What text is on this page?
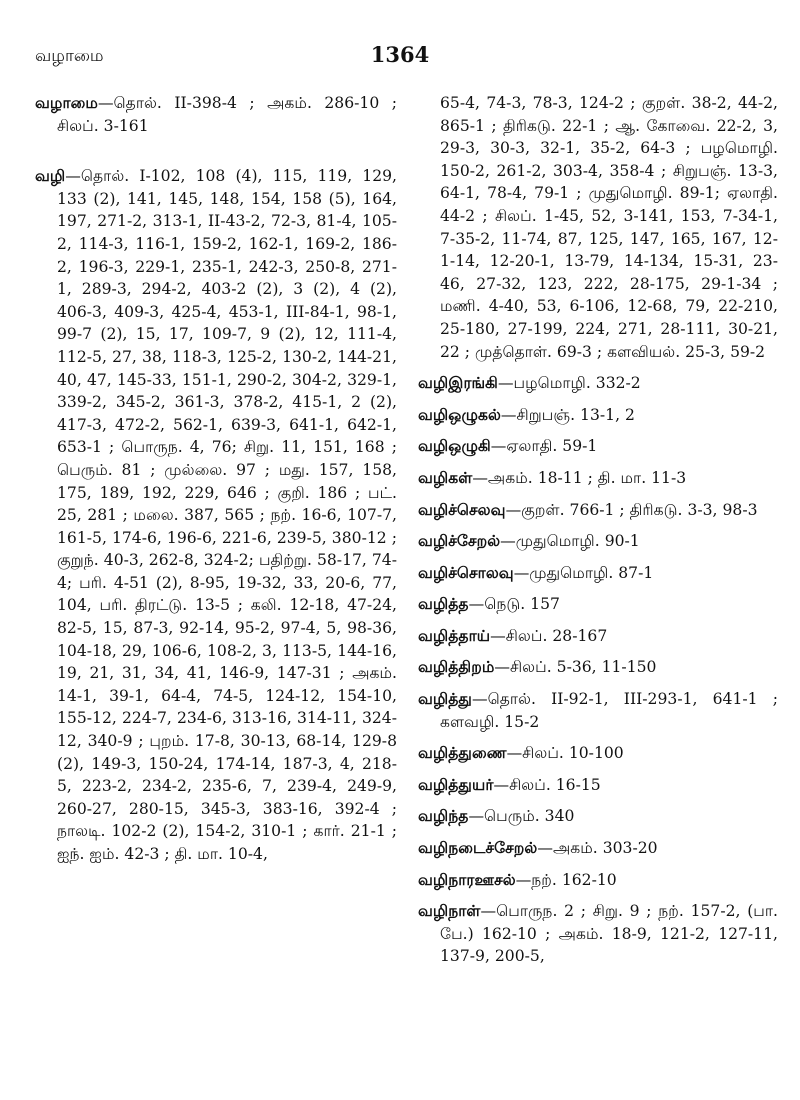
வழாமை	1364

வழாமை—தொல். II-398-4 ; அகம். 286-10 ; சிலப். 3-161

வழி—தொல். I-102, 108 (4), 115, 119, 129, 133 (2), 141, 145, 148, 154, 158 (5), 164, 197, 271-2, 313-1, II-43-2, 72-3, 81-4, 105-2, 114-3, 116-1, 159-2, 162-1, 169-2, 186-2, 196-3, 229-1, 235-1, 242-3, 250-8, 271-1, 289-3, 294-2, 403-2 (2), 3 (2), 4 (2), 406-3, 409-3, 425-4, 453-1, III-84-1, 98-1, 99-7 (2), 15, 17, 109-7, 9 (2), 12, 111-4, 112-5, 27, 38, 118-3, 125-2, 130-2, 144-21, 40, 47, 145-33, 151-1, 290-2, 304-2, 329-1, 339-2, 345-2, 361-3, 378-2, 415-1, 2 (2), 417-3, 472-2, 562-1, 639-3, 641-1, 642-1, 653-1 ; பொருந. 4, 76; சிறு. 11, 151, 168 ; பெரும். 81 ; முல்லை. 97 ; மது. 157, 158, 175, 189, 192, 229, 646 ; குறி. 186 ; பட். 25, 281 ; மலை. 387, 565 ; நற். 16-6, 107-7, 161-5, 174-6, 196-6, 221-6, 239-5, 380-12 ; குறுந். 40-3, 262-8, 324-2; பதிற்று. 58-17, 74-4; பரி. 4-51 (2), 8-95, 19-32, 33, 20-6, 77, 104, பரி. திரட்டு. 13-5 ; கலி. 12-18, 47-24, 82-5, 15, 87-3, 92-14, 95-2, 97-4, 5, 98-36, 104-18, 29, 106-6, 108-2, 3, 113-5, 144-16, 19, 21, 31, 34, 41, 146-9, 147-31 ; அகம். 14-1, 39-1, 64-4, 74-5, 124-12, 154-10, 155-12, 224-7, 234-6, 313-16, 314-11, 324-12, 340-9 ; புறம். 17-8, 30-13, 68-14, 129-8 (2), 149-3, 150-24, 174-14, 187-3, 4, 218-5, 223-2, 234-2, 235-6, 7, 239-4, 249-9, 260-27, 280-15, 345-3, 383-16, 392-4 ; நாலடி. 102-2 (2), 154-2, 310-1 ; கார். 21-1 ; ஐந். ஐம். 42-3 ; தி. மா. 10-4,

65-4, 74-3, 78-3, 124-2 ; குறள். 38-2, 44-2, 865-1 ; திரிகடு. 22-1 ; ஆ. கோவை. 22-2, 3, 29-3, 30-3, 32-1, 35-2, 64-3 ; பழமொழி. 150-2, 261-2, 303-4, 358-4 ; சிறுபஞ். 13-3, 64-1, 78-4, 79-1 ; முதுமொழி. 89-1; ஏலாதி. 44-2 ; சிலப். 1-45, 52, 3-141, 153, 7-34-1, 7-35-2, 11-74, 87, 125, 147, 165, 167, 12-1-14, 12-20-1, 13-79, 14-134, 15-31, 23-46, 27-32, 123, 222, 28-175, 29-1-34 ; மணி. 4-40, 53, 6-106, 12-68, 79, 22-210, 25-180, 27-199, 224, 271, 28-111, 30-21, 22 ; முத்தொள். 69-3 ; களவியல். 25-3, 59-2

வழிஇரங்கி—பழமொழி. 332-2

வழிஒழுகல்—சிறுபஞ். 13-1, 2

வழிஒழுகி—ஏலாதி. 59-1

வழிகள்—அகம். 18-11 ; தி. மா. 11-3

வழிச்செலவு—குறள். 766-1 ; திரிகடு. 3-3, 98-3

வழிச்சேறல்—முதுமொழி. 90-1

வழிச்சொலவு—முதுமொழி. 87-1

வழித்த—நெடு. 157

வழித்தாய்—சிலப். 28-167

வழித்திறம்—சிலப். 5-36, 11-150

வழித்து—தொல். II-92-1, III-293-1, 641-1 ; களவழி. 15-2

வழித்துணை—சிலப். 10-100

வழித்துயர்—சிலப். 16-15

வழிந்த—பெரும். 340

வழிநடைச்சேறல்—அகம். 303-20

வழிநாரஊசல்—நற். 162-10

வழிநாள்—பொருந. 2 ; சிறு. 9 ; நற். 157-2, (பா. பே.) 162-10 ; அகம். 18-9, 121-2, 127-11, 137-9, 200-5,
